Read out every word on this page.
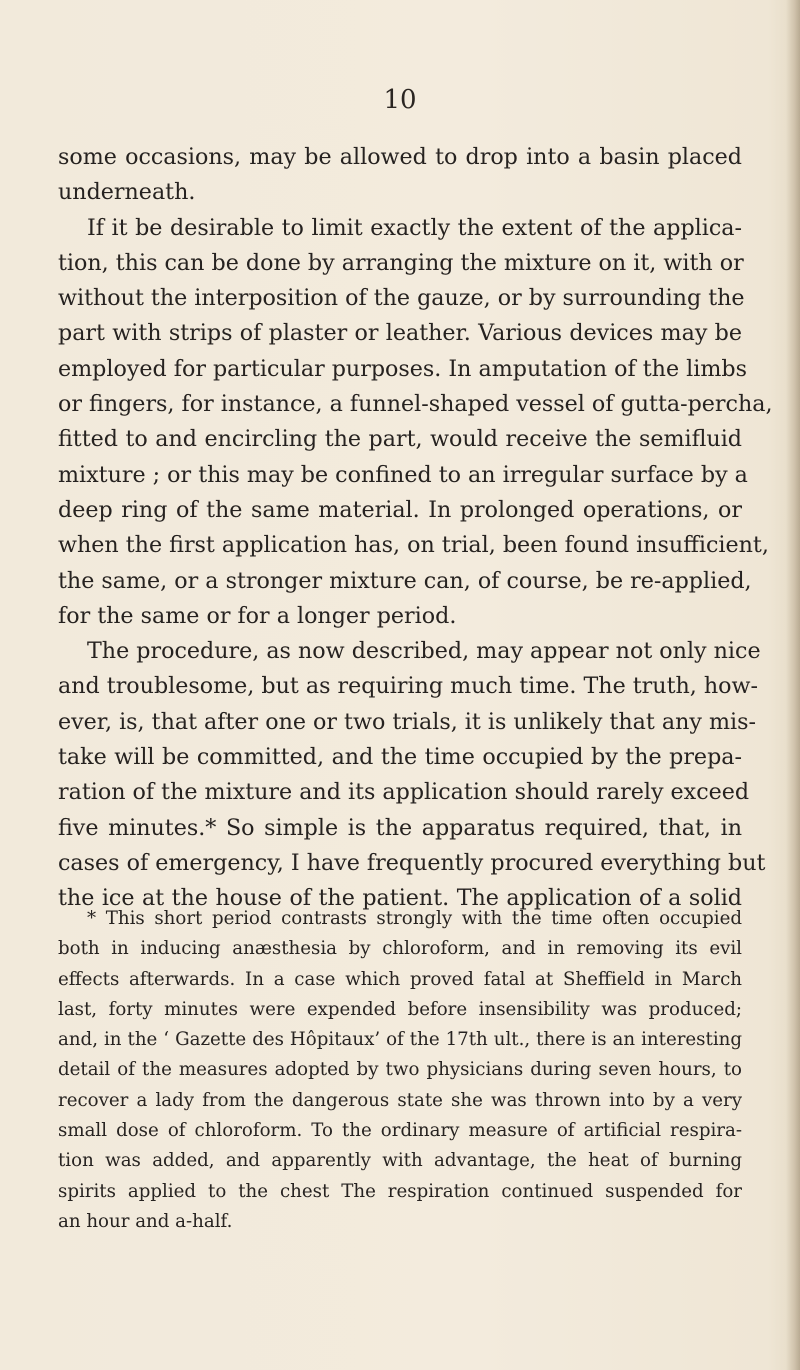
10
some occasions, may be allowed to drop into a basin placed
underneath.
If it be desirable to limit exactly the extent of the applica-
tion, this can be done by arranging the mixture on it, with or
without the interposition of the gauze, or by surrounding the
part with strips of plaster or leather. Various devices may be
employed for particular purposes. In amputation of the limbs
or fingers, for instance, a funnel-shaped vessel of gutta-percha,
fitted to and encircling the part, would receive the semifluid
mixture ; or this may be confined to an irregular surface by a
deep ring of the same material. In prolonged operations, or
when the first application has, on trial, been found insufficient,
the same, or a stronger mixture can, of course, be re-applied,
for the same or for a longer period.
The procedure, as now described, may appear not only nice
and troublesome, but as requiring much time. The truth, how-
ever, is, that after one or two trials, it is unlikely that any mis-
take will be committed, and the time occupied by the prepa-
ration of the mixture and its application should rarely exceed
five minutes.* So simple is the apparatus required, that, in
cases of emergency, I have frequently procured everything but
the ice at the house of the patient. The application of a solid
* This short period contrasts strongly with the time often occupied
both in inducing anæsthesia by chloroform, and in removing its evil
effects afterwards. In a case which proved fatal at Sheffield in March
last, forty minutes were expended before insensibility was produced;
and, in the ‘ Gazette des Hôpitaux’ of the 17th ult., there is an interesting
detail of the measures adopted by two physicians during seven hours, to
recover a lady from the dangerous state she was thrown into by a very
small dose of chloroform. To the ordinary measure of artificial respira-
tion was added, and apparently with advantage, the heat of burning
spirits applied to the chest The respiration continued suspended for
an hour and a-half.
